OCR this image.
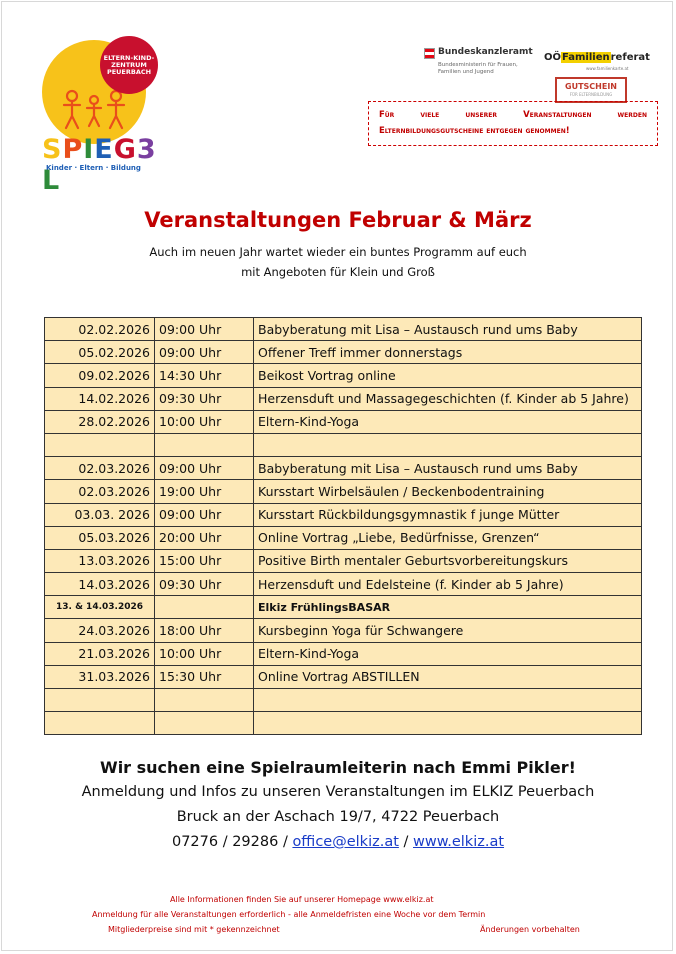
ELTERN-KIND-ZENTRUM PEUERBACH
SPIEG3L
Kinder · Eltern · Bildung
Bundeskanzleramt
Bundesministerin für Frauen, Familien und Jugend
OÖFamilienreferat
www.familienkarte.at
GUTSCHEIN
FÜR ELTERNBILDUNG
Für viele unserer Veranstaltungen werden Elternbildungsgutscheine entgegen genommen!
Veranstaltungen Februar & März
Auch im neuen Jahr wartet wieder ein buntes Programm auf euch
mit Angeboten für Klein und Groß
02.02.2026	09:00 Uhr	Babyberatung mit Lisa – Austausch rund ums Baby
05.02.2026	09:00 Uhr	Offener Treff immer donnerstags
09.02.2026	14:30 Uhr	Beikost Vortrag online
14.02.2026	09:30 Uhr	Herzensduft und Massagegeschichten (f. Kinder ab 5 Jahre)
28.02.2026	10:00 Uhr	Eltern-Kind-Yoga

02.03.2026	09:00 Uhr	Babyberatung mit Lisa – Austausch rund ums Baby
02.03.2026	19:00 Uhr	Kursstart Wirbelsäulen / Beckenbodentraining
03.03. 2026	09:00 Uhr	Kursstart Rückbildungsgymnastik f junge Mütter
05.03.2026	20:00 Uhr	Online Vortrag „Liebe, Bedürfnisse, Grenzen“
13.03.2026	15:00 Uhr	Positive Birth mentaler Geburtsvorbereitungskurs
14.03.2026	09:30 Uhr	Herzensduft und Edelsteine (f. Kinder ab 5 Jahre)
13. & 14.03.2026		Elkiz FrühlingsBASAR
24.03.2026	18:00 Uhr	Kursbeginn Yoga für Schwangere
21.03.2026	10:00 Uhr	Eltern-Kind-Yoga
31.03.2026	15:30 Uhr	Online Vortrag ABSTILLEN

Wir suchen eine Spielraumleiterin nach Emmi Pikler!
Anmeldung und Infos zu unseren Veranstaltungen im ELKIZ Peuerbach
Bruck an der Aschach 19/7, 4722 Peuerbach
07276 / 29286 / office@elkiz.at / www.elkiz.at
Alle Informationen finden Sie auf unserer Homepage www.elkiz.at
Anmeldung für alle Veranstaltungen erforderlich - alle Anmeldefristen eine Woche vor dem Termin
Mitgliederpreise sind mit * gekennzeichnet	Änderungen vorbehalten
